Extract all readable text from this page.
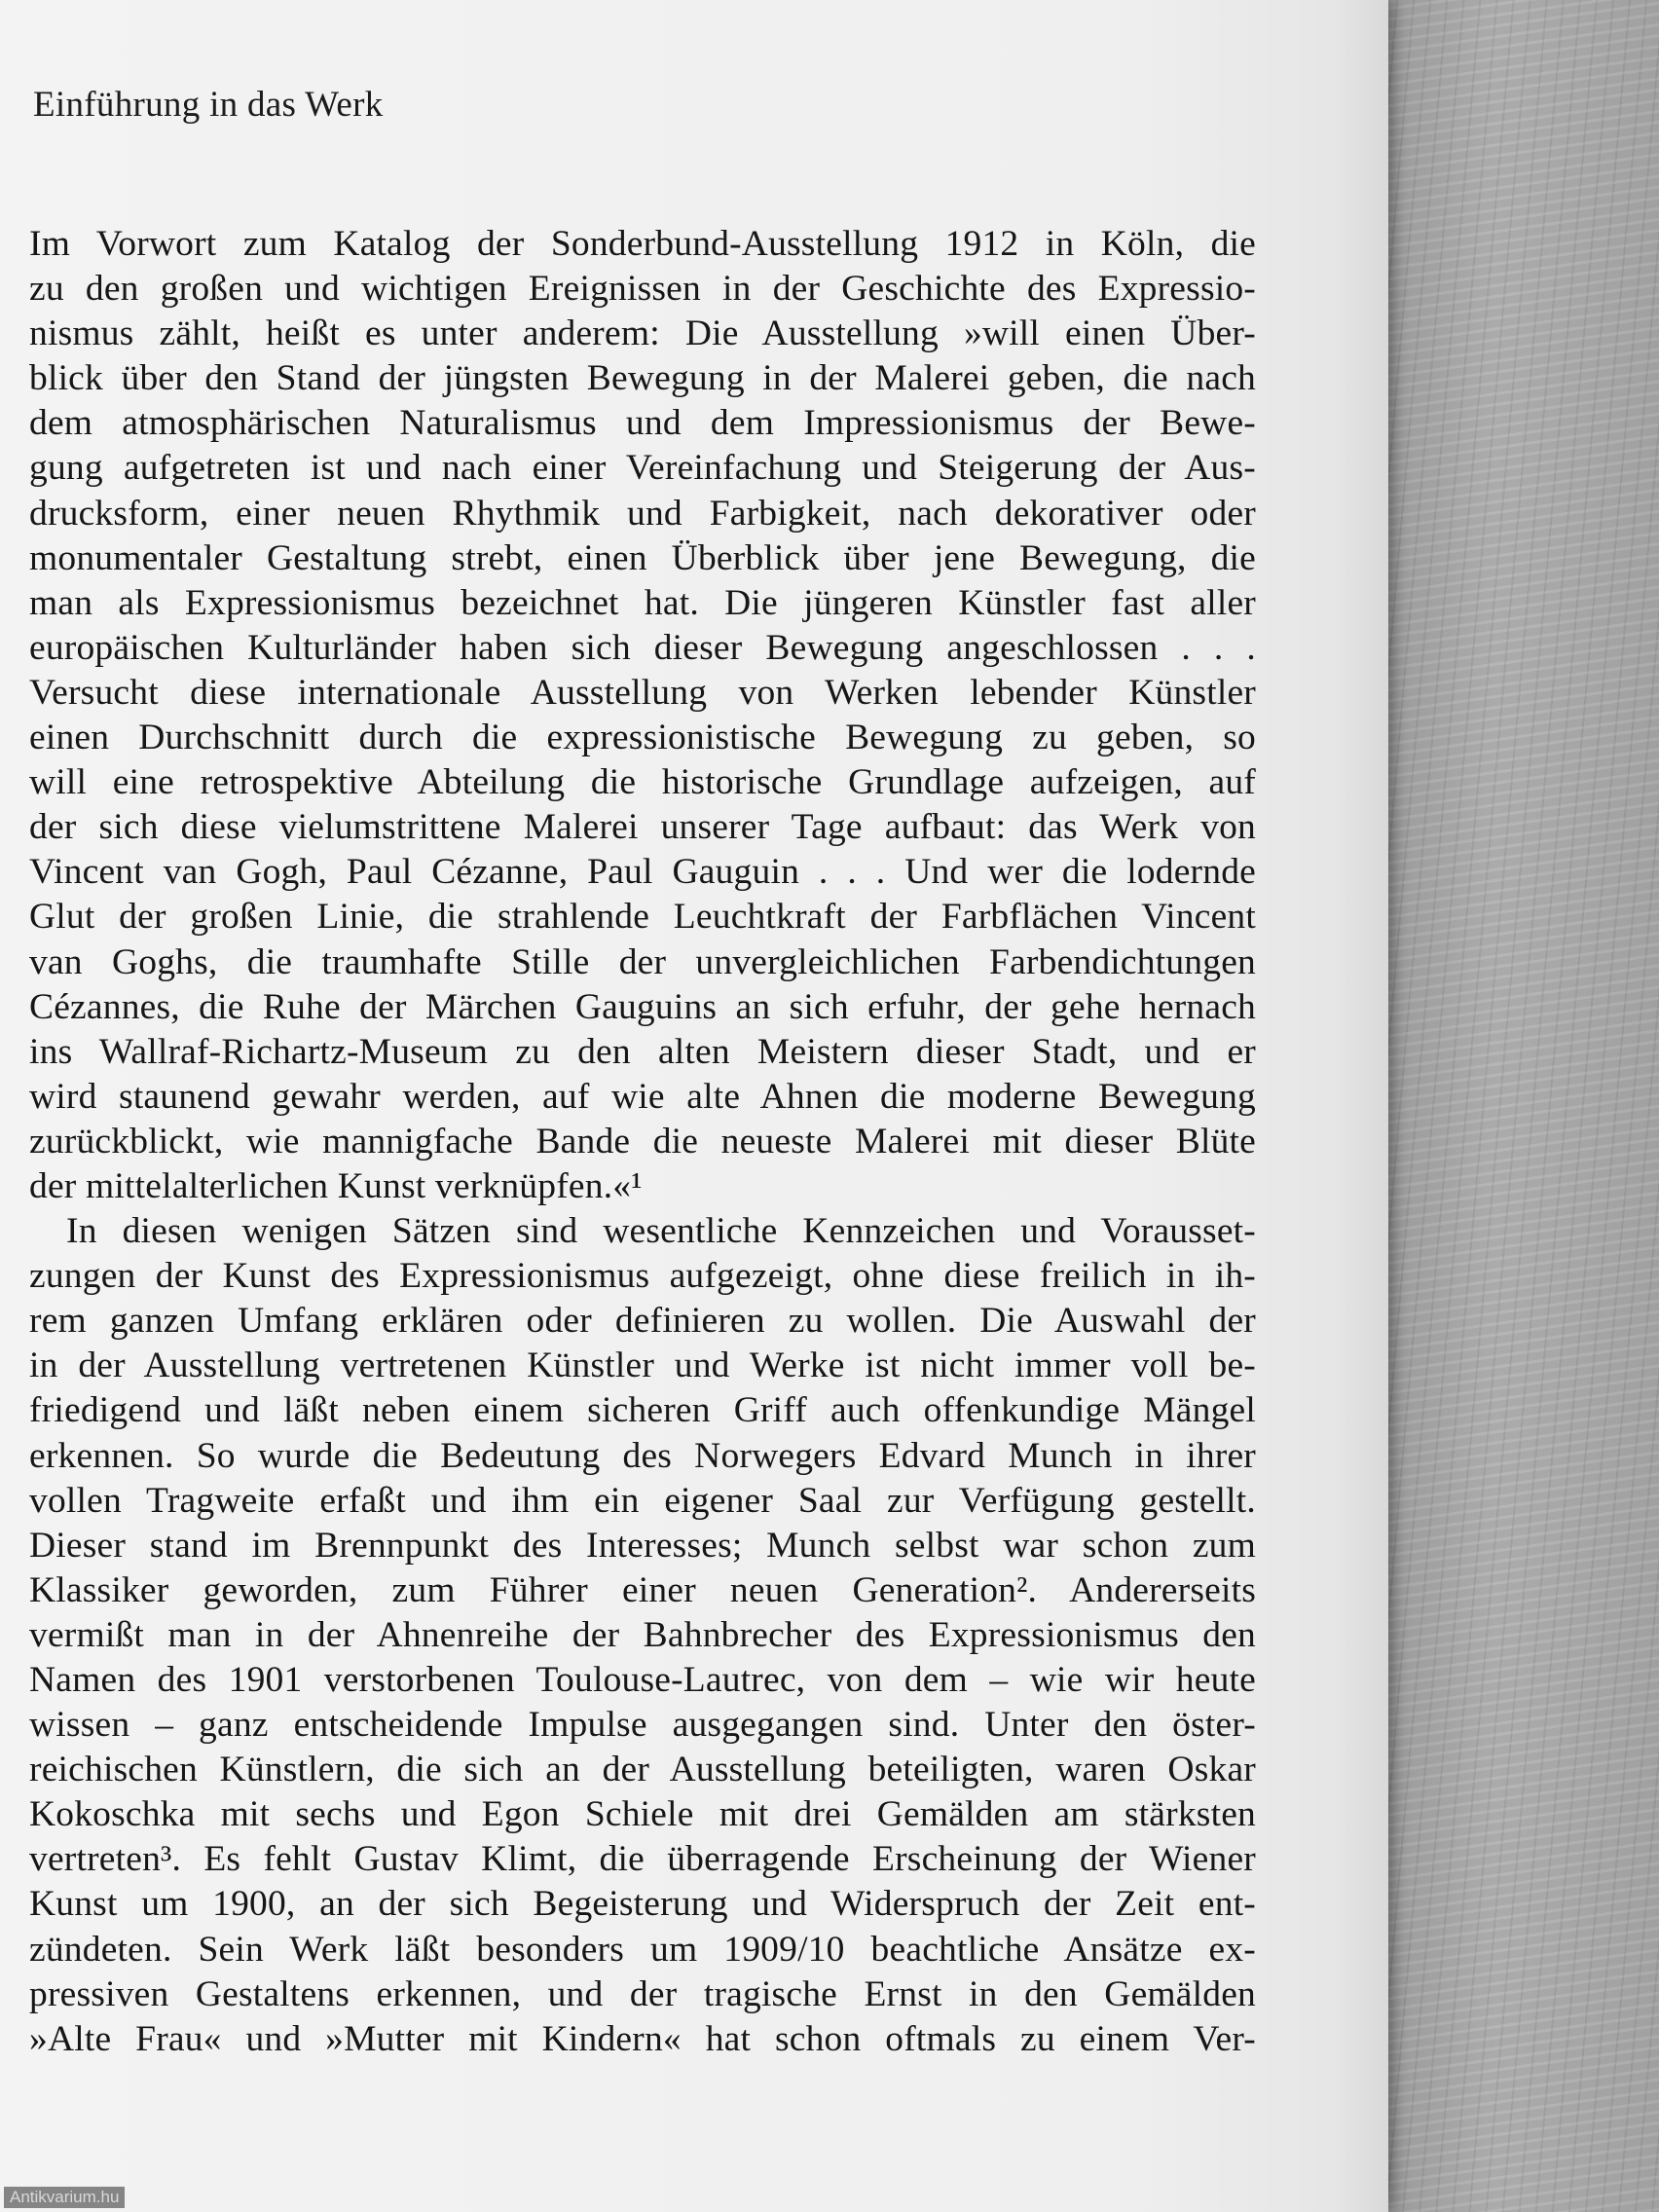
Einführung in das Werk
Im Vorwort zum Katalog der Sonderbund-Ausstellung 1912 in Köln, die
zu den großen und wichtigen Ereignissen in der Geschichte des Expressio-
nismus zählt, heißt es unter anderem: Die Ausstellung »will einen Über-
blick über den Stand der jüngsten Bewegung in der Malerei geben, die nach
dem atmosphärischen Naturalismus und dem Impressionismus der Bewe-
gung aufgetreten ist und nach einer Vereinfachung und Steigerung der Aus-
drucksform, einer neuen Rhythmik und Farbigkeit, nach dekorativer oder
monumentaler Gestaltung strebt, einen Überblick über jene Bewegung, die
man als Expressionismus bezeichnet hat. Die jüngeren Künstler fast aller
europäischen Kulturländer haben sich dieser Bewegung angeschlossen . . .
Versucht diese internationale Ausstellung von Werken lebender Künstler
einen Durchschnitt durch die expressionistische Bewegung zu geben, so
will eine retrospektive Abteilung die historische Grundlage aufzeigen, auf
der sich diese vielumstrittene Malerei unserer Tage aufbaut: das Werk von
Vincent van Gogh, Paul Cézanne, Paul Gauguin . . . Und wer die lodernde
Glut der großen Linie, die strahlende Leuchtkraft der Farbflächen Vincent
van Goghs, die traumhafte Stille der unvergleichlichen Farbendichtungen
Cézannes, die Ruhe der Märchen Gauguins an sich erfuhr, der gehe hernach
ins Wallraf-Richartz-Museum zu den alten Meistern dieser Stadt, und er
wird staunend gewahr werden, auf wie alte Ahnen die moderne Bewegung
zurückblickt, wie mannigfache Bande die neueste Malerei mit dieser Blüte
der mittelalterlichen Kunst verknüpfen.«¹
In diesen wenigen Sätzen sind wesentliche Kennzeichen und Vorausset-
zungen der Kunst des Expressionismus aufgezeigt, ohne diese freilich in ih-
rem ganzen Umfang erklären oder definieren zu wollen. Die Auswahl der
in der Ausstellung vertretenen Künstler und Werke ist nicht immer voll be-
friedigend und läßt neben einem sicheren Griff auch offenkundige Mängel
erkennen. So wurde die Bedeutung des Norwegers Edvard Munch in ihrer
vollen Tragweite erfaßt und ihm ein eigener Saal zur Verfügung gestellt.
Dieser stand im Brennpunkt des Interesses; Munch selbst war schon zum
Klassiker geworden, zum Führer einer neuen Generation². Andererseits
vermißt man in der Ahnenreihe der Bahnbrecher des Expressionismus den
Namen des 1901 verstorbenen Toulouse-Lautrec, von dem – wie wir heute
wissen – ganz entscheidende Impulse ausgegangen sind. Unter den öster-
reichischen Künstlern, die sich an der Ausstellung beteiligten, waren Oskar
Kokoschka mit sechs und Egon Schiele mit drei Gemälden am stärksten
vertreten³. Es fehlt Gustav Klimt, die überragende Erscheinung der Wiener
Kunst um 1900, an der sich Begeisterung und Widerspruch der Zeit ent-
zündeten. Sein Werk läßt besonders um 1909/10 beachtliche Ansätze ex-
pressiven Gestaltens erkennen, und der tragische Ernst in den Gemälden
»Alte Frau« und »Mutter mit Kindern« hat schon oftmals zu einem Ver-
Antikvarium.hu
